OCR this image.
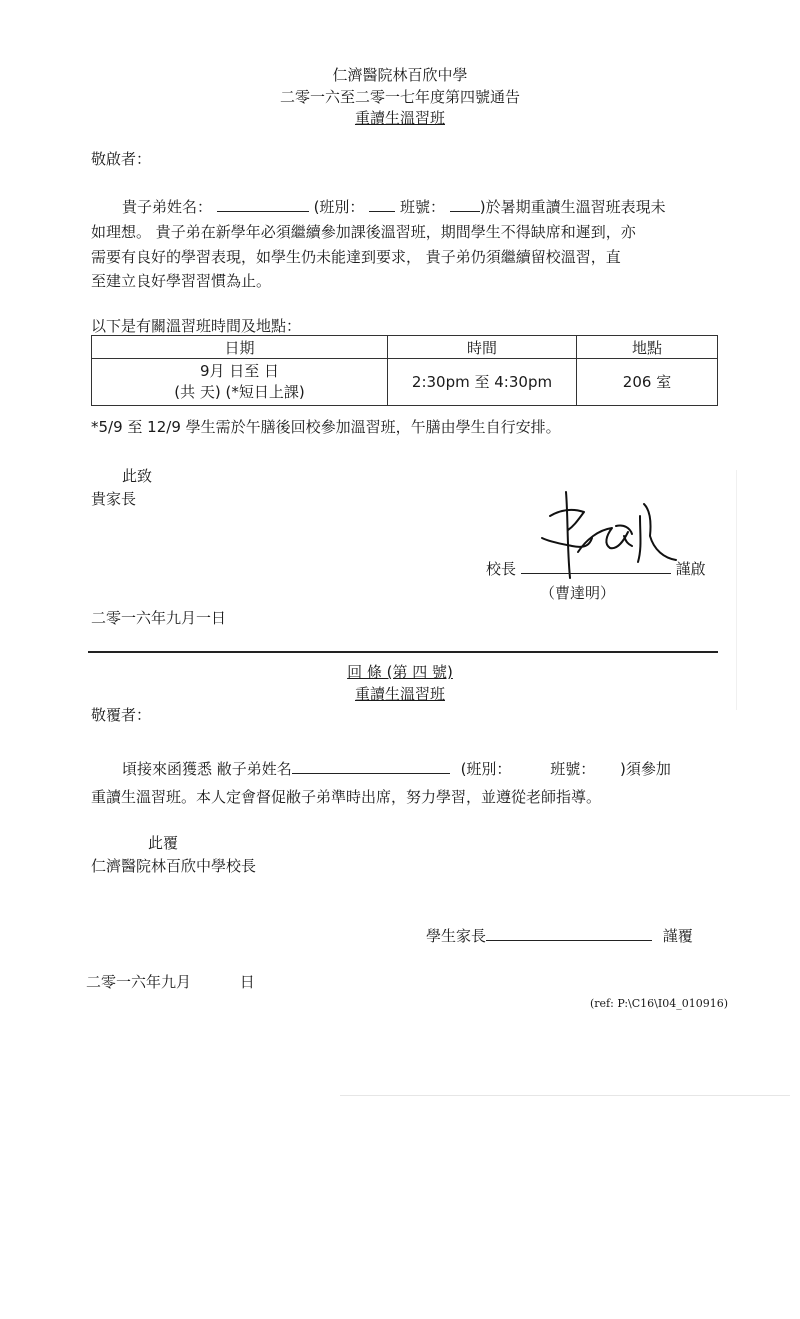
仁濟醫院林百欣中學
二零一六至二零一七年度第四號通告
重讀生溫習班
敬啟者：
貴子弟姓名：	(班別： 班號： )於暑期重讀生溫習班表現未
如理想。 貴子弟在新學年必須繼續參加課後溫習班，期間學生不得缺席和遲到，亦
需要有良好的學習表現，如學生仍未能達到要求， 貴子弟仍須繼續留校溫習，直
至建立良好學習習慣為止。
以下是有關溫習班時間及地點：
日期	時間	地點

9月 日至 日
(共 天) (*短日上課)	2:30pm 至 4:30pm	206 室
*5/9 至 12/9 學生需於午膳後回校參加溫習班，午膳由學生自行安排。
此致
貴家長
校長	謹啟
（曹達明）
二零一六年九月一日
回 條 (第 四 號)
重讀生溫習班
敬覆者：
頃接來函獲悉 敝子弟姓名	(班別：	班號： )須參加
重讀生溫習班。本人定會督促敝子弟準時出席，努力學習，並遵從老師指導。
此覆
仁濟醫院林百欣中學校長
學生家長	謹覆
二零一六年九月	日
(ref: P:\C16\I04_010916)
